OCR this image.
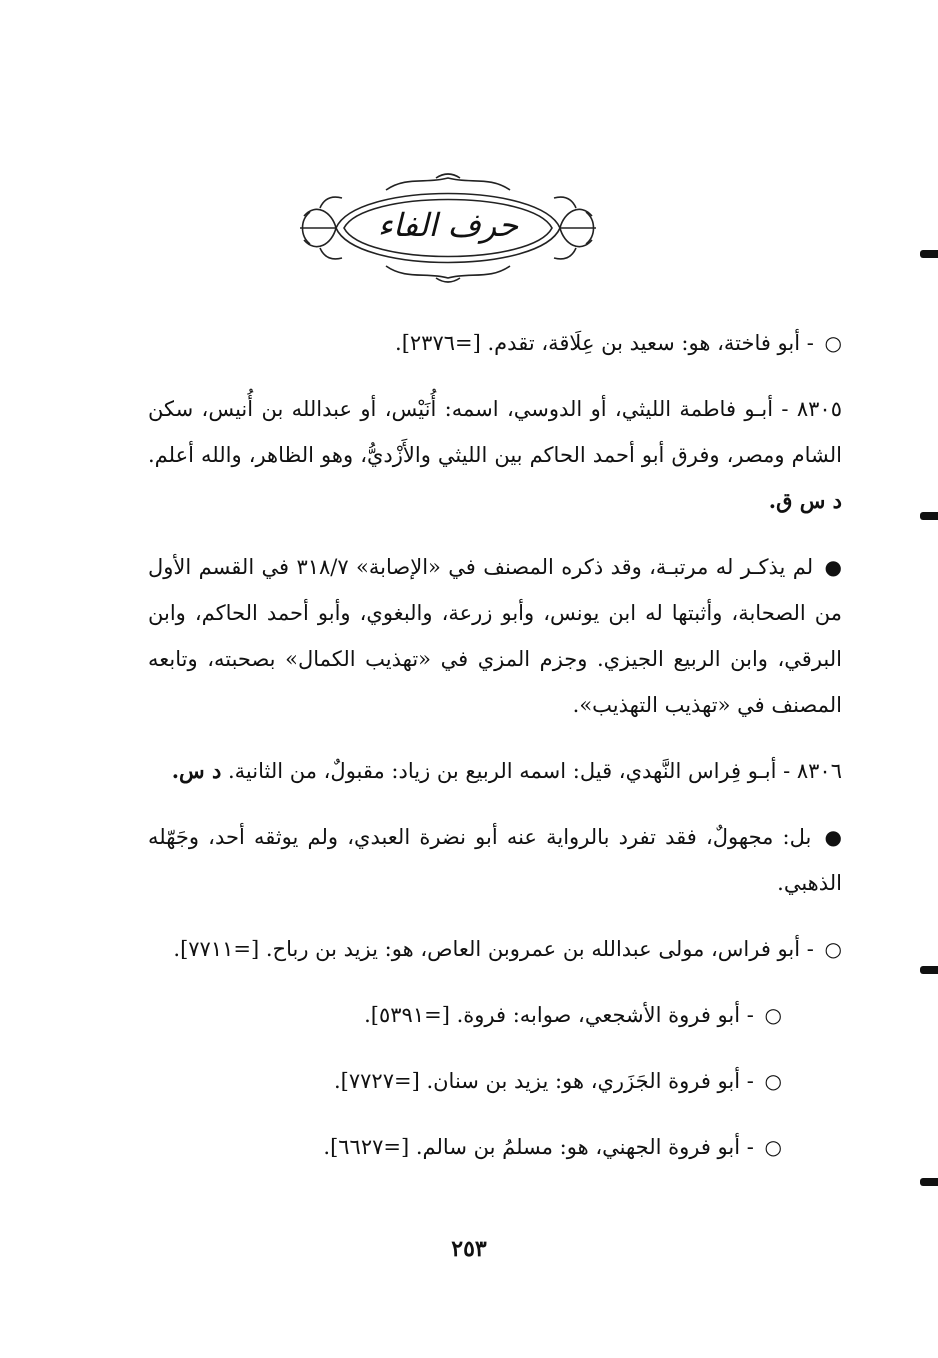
حرف الفاء

○ - أبو فاختة، هو: سعيد بن عِلَاقة، تقدم. [=٢٣٧٦].

٨٣٠٥ - أبـو فاطمة الليثي، أو الدوسي، اسمه: أُنَيْس، أو عبدالله بن أُنيس، سكن الشام ومصر، وفرق أبو أحمد الحاكم بين الليثي والأَزْديُّ، وهو الظاهر، والله أعلم. د س ق.

● لم يذكـر له مرتبـة، وقد ذكره المصنف في «الإصابة» ٣١٨/٧ في القسم الأول من الصحابة، وأثبتها له ابن يونس، وأبو زرعة، والبغوي، وأبو أحمد الحاكم، وابن البرقي، وابن الربيع الجيزي. وجزم المزي في «تهذيب الكمال» بصحبته، وتابعه المصنف في «تهذيب التهذيب».

٨٣٠٦ - أبـو فِراس النَّهدي، قيل: اسمه الربيع بن زياد: مقبولٌ، من الثانية. د س.

● بل: مجهولٌ، فقد تفرد بالرواية عنه أبو نضرة العبدي، ولم يوثقه أحد، وجَهّله الذهبي.

○ - أبو فراس، مولى عبدالله بن عمروبن العاص، هو: يزيد بن رباح. [=٧٧١١].

○ - أبو فروة الأشجعي، صوابه: فروة. [=٥٣٩١].

○ - أبو فروة الجَزَري، هو: يزيد بن سنان. [=٧٧٢٧].

○ - أبو فروة الجهني، هو: مسلمُ بن سالم. [=٦٦٢٧].

٢٥٣
